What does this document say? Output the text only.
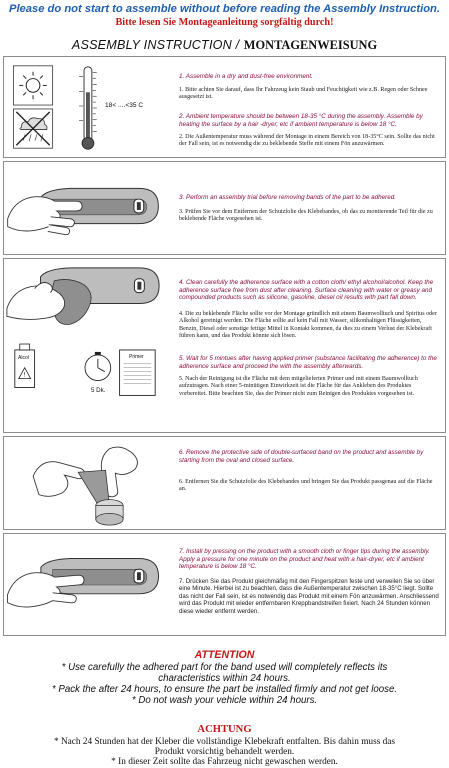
Please do not start to assemble without before reading the Assembly Instruction.
Bitte lesen Sie Montageanleitung sorgfältig durch!
ASSEMBLY INSTRUCTION / MONTAGENWEISUNG
18< ....<35 C
1. Assemble in a dry and dust-free environment.
1. Bitte achten Sie darauf, dass Ihr Fahrzeug kein Staub und Feuchtigkeit wie z.B. Regen oder Schnee ausgesetzt ist.
2. Ambient temperature should be between 18-35 °C during the assembly. Assemble by heating the surface by a hair -dryer, etc if ambient temperature is below 18 °C.
2. Die Außentemperatur muss während der Montage in einem Bereich von 18-35°C sein. Sollte das nicht der Fall sein, ist es notwendig die zu beklebende Steffe mit einem Fön anzuwärmen.
3. Perform an assembly trial before removing bands of the part to be adhered.
3. Prüfen Sie vor dem Entfernen der Schutzfolie des Klebebandes, ob das zu montierende Teil für die zu beklebende Fläche vorgesehen ist.
!
Alcol	Primer
5 Dk.
4. Clean carefully the adherence surface with a cotton cloth/ ethyl alcohol/alcohol. Keep the adherence surface free from dust after cleaning. Surface cleaning with water or greasy and compounded products such as silicone, gasoline, diesel oil results with part fall down.
4. Die zu beklebende Fläche sollte vor der Montage gründlich mit einem Baumwolltuch und Spiritus oder Alkohol gereinigt werden. Die Fläche sollte auf kein Fall mit Wasser, silikonhaltigen Flüssigkeiten, Benzin, Diesel oder sonstige fettige Mittel in Kontakt kommen, da dies zu einem Verlust der Klebekraft führen kann, und das Produkt könnte sich lösen.
5. Wait for 5 mintues after having applied primer (substance facilitating the adherence) to the adherence surface and proceed the with the assembly afterwards.
5. Nach der Reinigung ist die Fläche mit dem mitgelieferten Primer und mit einem Baumwolltuch aufzutragen. Nach einer 5-minütigen Einwirkzeit ist die Fläche für das Ankleben des Produktes vorbereitet. Bitte beachten Sie, das der Primer nicht zum Reinigen des Produktes vorgesehen ist.
6. Remove the protective side of double-surfaced band on the product and assemble by starting from the oval and closed surface.
6. Entfernen Sie die Schutzfolie des Klebebandes und bringen Sie das Produkt passgenau auf die Fläche an.
7. Install by pressing on the product with a smooth cloth or finger tips during the assembly. Apply a pressure for one minute on the product and heat with a hair-dryer, etc if ambient temperature is below 18 °C.
7. Drücken Sie das Produkt gleichmäßig mit den Fingerspitzen feste und verweilen Sie so über eine Minute. Hierbei ist zu beachten, dass die Außentemperatur zwischen 18-35°C liegt. Sollte das nicht der Fall sein, ist es notwendig das Produkt mit einem Fön anzuwärmen. Anschliessend wird das Produkt mit wieder entfernbaren Kreppbandstreifen fixiert. Nach 24 Stunden können diese wieder entfernt werden.
ATTENTION
* Use carefully the adhered part for the band used will completely reflects its
characteristics within 24 hours.
* Pack the after 24 hours, to ensure the part be installed firmly and not get loose.
* Do not wash your vehicle within 24 hours.
ACHTUNG
* Nach 24 Stunden hat der Kleber die vollständige Klebekraft entfalten. Bis dahin muss das
Produkt vorsichtig behandelt werden.
* In dieser Zeit sollte das Fahrzeug nicht gewaschen werden.
